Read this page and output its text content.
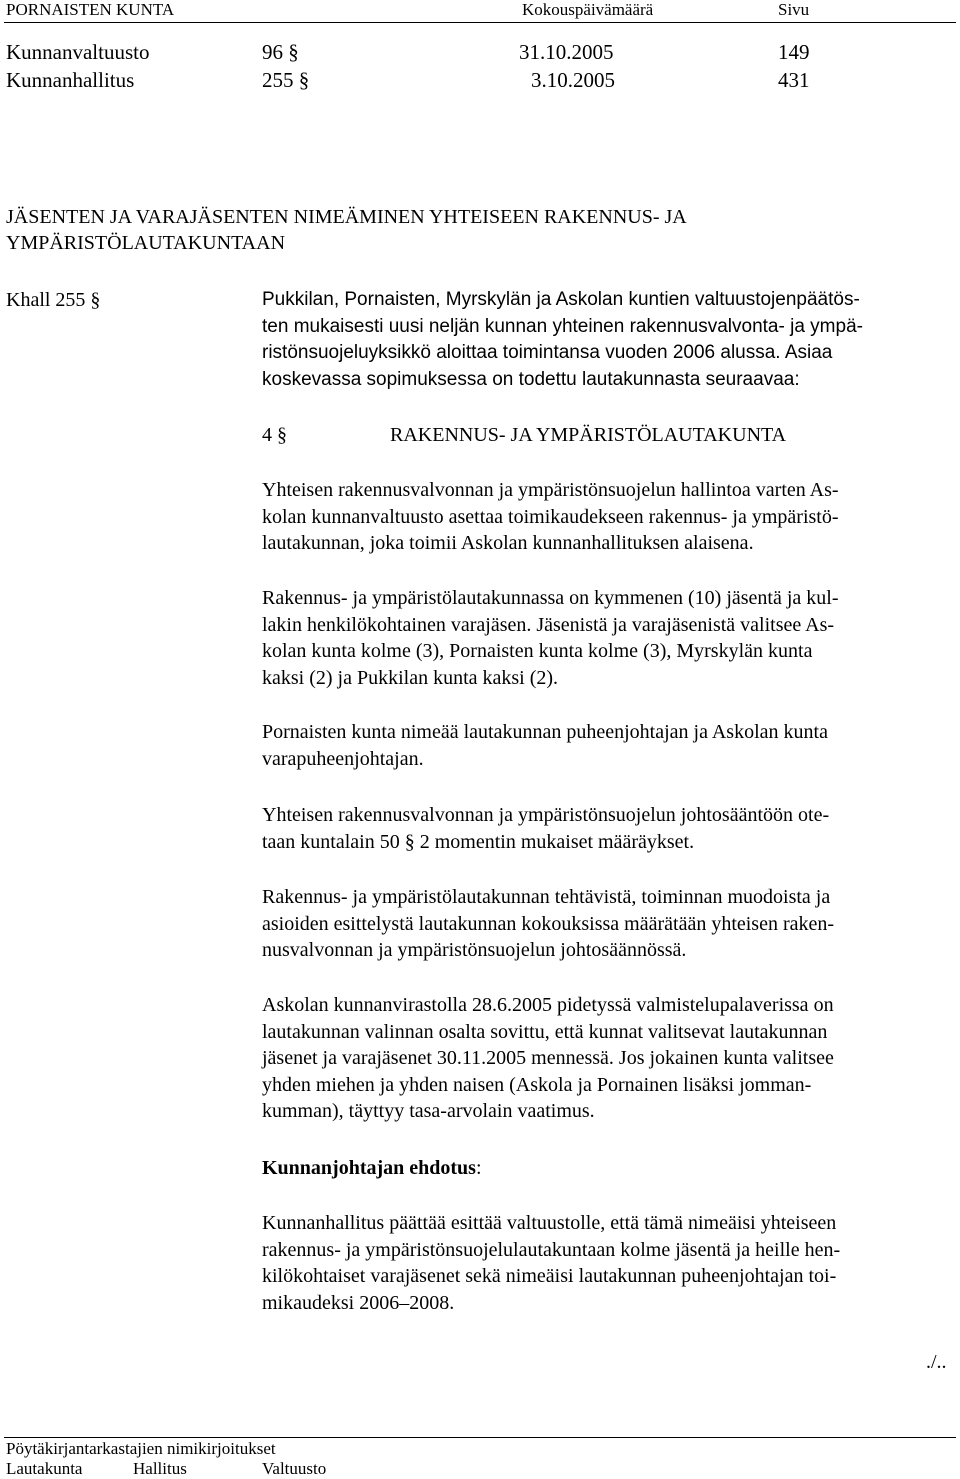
PORNAISTEN KUNTA	Kokouspäivämäärä	Sivu
Kunnanvaltuusto	96 §	31.10.2005	149
Kunnanhallitus	255 §	3.10.2005	431
JÄSENTEN JA VARAJÄSENTEN NIMEÄMINEN YHTEISEEN RAKENNUS- JA
YMPÄRISTÖLAUTAKUNTAAN
Khall 255 §	Pukkilan, Pornaisten, Myrskylän ja Askolan kuntien valtuustojenpäätös-
ten mukaisesti uusi neljän kunnan yhteinen rakennusvalvonta- ja ympä-
ristönsuojeluyksikkö aloittaa toimintansa vuoden 2006 alussa. Asiaa
koskevassa sopimuksessa on todettu lautakunnasta seuraavaa:
4 §	RAKENNUS- JA YMPÄRISTÖLAUTAKUNTA
Yhteisen rakennusvalvonnan ja ympäristönsuojelun hallintoa varten As-
kolan kunnanvaltuusto asettaa toimikaudekseen rakennus- ja ympäristö-
lautakunnan, joka toimii Askolan kunnanhallituksen alaisena.
Rakennus- ja ympäristölautakunnassa on kymmenen (10) jäsentä ja kul-
lakin henkilökohtainen varajäsen. Jäsenistä ja varajäsenistä valitsee As-
kolan kunta kolme (3), Pornaisten kunta kolme (3), Myrskylän kunta
kaksi (2) ja Pukkilan kunta kaksi (2).
Pornaisten kunta nimeää lautakunnan puheenjohtajan ja Askolan kunta
varapuheenjohtajan.
Yhteisen rakennusvalvonnan ja ympäristönsuojelun johtosääntöön ote-
taan kuntalain 50 § 2 momentin mukaiset määräykset.
Rakennus- ja ympäristölautakunnan tehtävistä, toiminnan muodoista ja
asioiden esittelystä lautakunnan kokouksissa määrätään yhteisen raken-
nusvalvonnan ja ympäristönsuojelun johtosäännössä.
Askolan kunnanvirastolla 28.6.2005 pidetyssä valmistelupalaverissa on
lautakunnan valinnan osalta sovittu, että kunnat valitsevat lautakunnan
jäsenet ja varajäsenet 30.11.2005 mennessä. Jos jokainen kunta valitsee
yhden miehen ja yhden naisen (Askola ja Pornainen lisäksi jomman-
kumman), täyttyy tasa-arvolain vaatimus.
Kunnanjohtajan ehdotus:
Kunnanhallitus päättää esittää valtuustolle, että tämä nimeäisi yhteiseen
rakennus- ja ympäristönsuojelulautakuntaan kolme jäsentä ja heille hen-
kilökohtaiset varajäsenet sekä nimeäisi lautakunnan puheenjohtajan toi-
mikaudeksi 2006–2008.
./..
Pöytäkirjantarkastajien nimikirjoitukset
Lautakunta	Hallitus	Valtuusto
